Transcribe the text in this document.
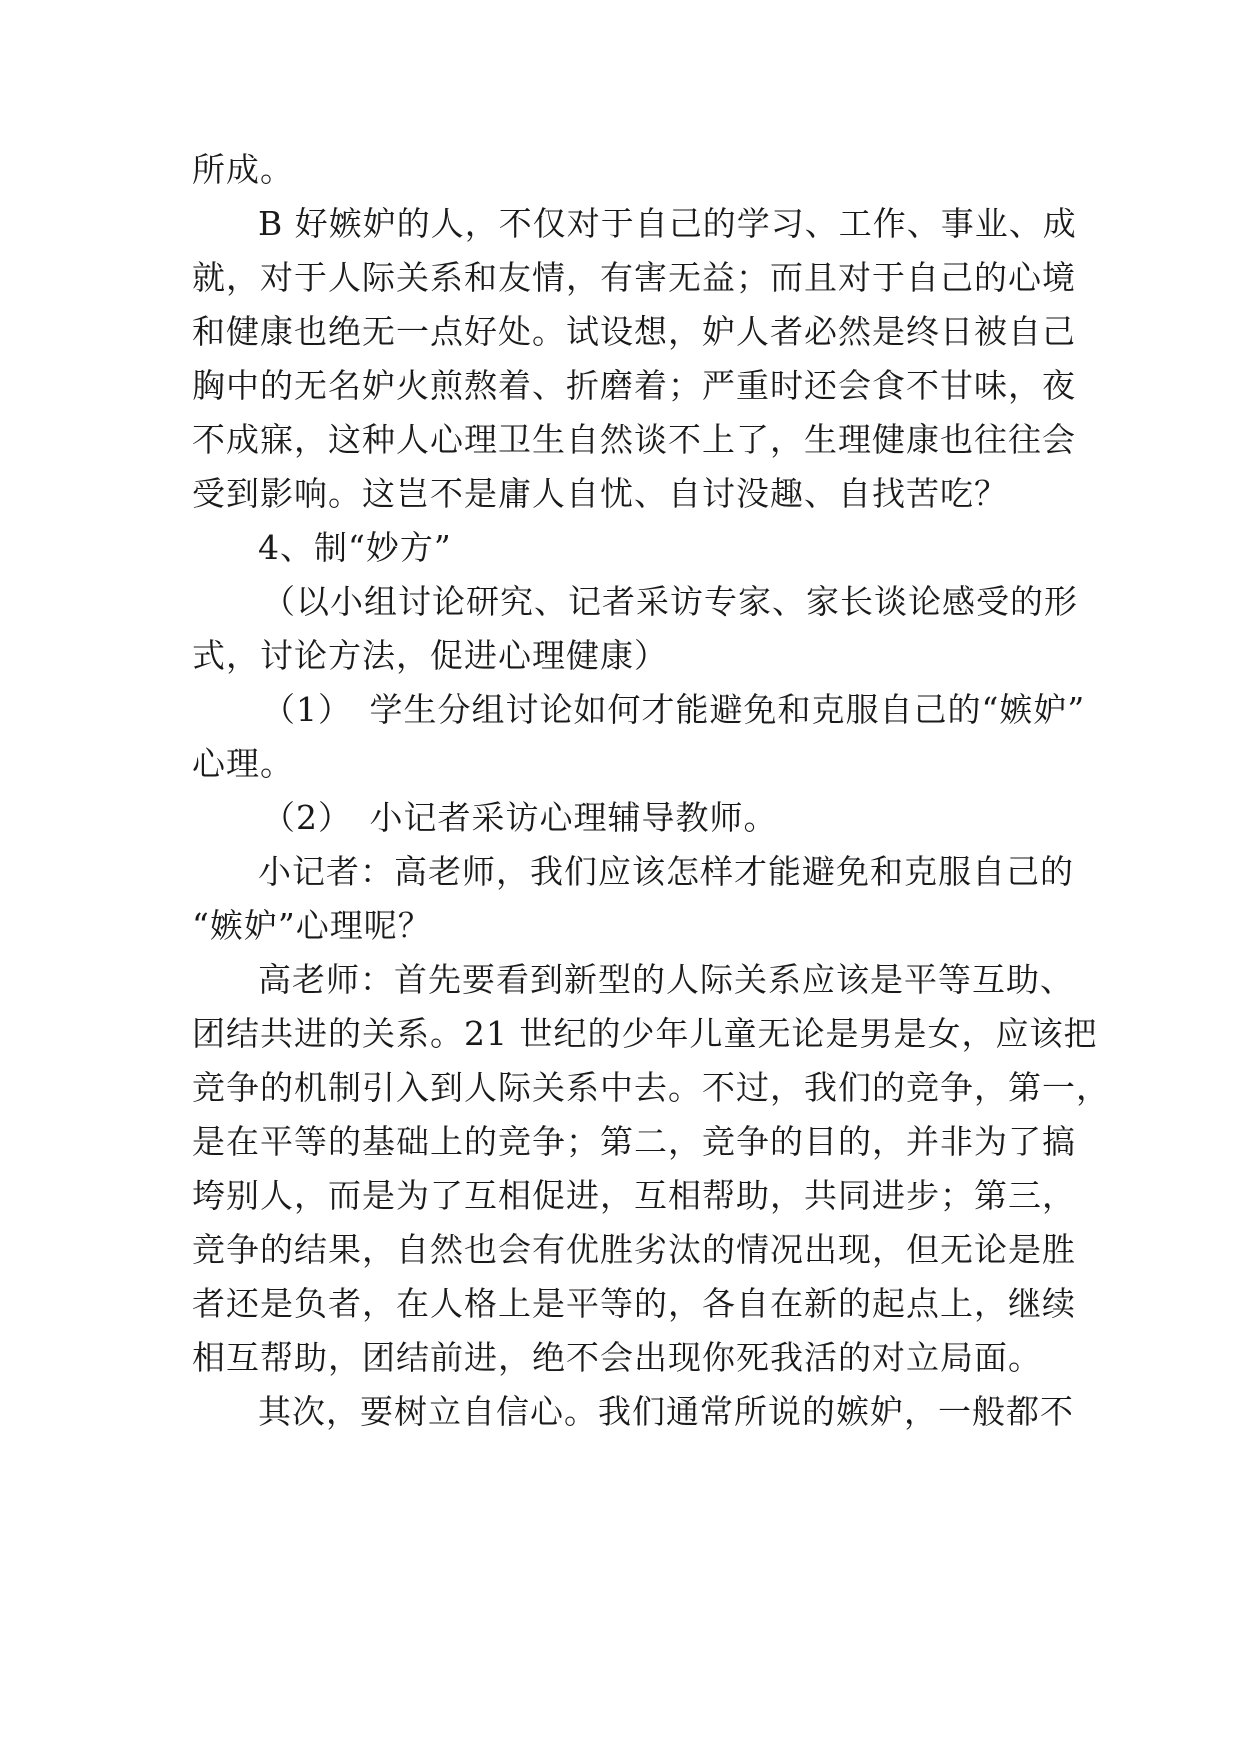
所成。
B 好嫉妒的人，不仅对于自己的学习、工作、事业、成
就，对于人际关系和友情，有害无益；而且对于自己的心境
和健康也绝无一点好处。试设想，妒人者必然是终日被自己
胸中的无名妒火煎熬着、折磨着；严重时还会食不甘味，夜
不成寐，这种人心理卫生自然谈不上了，生理健康也往往会
受到影响。这岂不是庸人自忧、自讨没趣、自找苦吃？
4、制“妙方”
（以小组讨论研究、记者采访专家、家长谈论感受的形
式，讨论方法，促进心理健康）
（1）　学生分组讨论如何才能避免和克服自己的“嫉妒”
心理。
（2）　小记者采访心理辅导教师。
小记者：高老师，我们应该怎样才能避免和克服自己的
“嫉妒”心理呢？
高老师：首先要看到新型的人际关系应该是平等互助、
团结共进的关系。21 世纪的少年儿童无论是男是女，应该把
竞争的机制引入到人际关系中去。不过，我们的竞争，第一，
是在平等的基础上的竞争；第二，竞争的目的，并非为了搞
垮别人，而是为了互相促进，互相帮助，共同进步；第三，
竞争的结果，自然也会有优胜劣汰的情况出现，但无论是胜
者还是负者，在人格上是平等的，各自在新的起点上，继续
相互帮助，团结前进，绝不会出现你死我活的对立局面。
其次，要树立自信心。我们通常所说的嫉妒，一般都不
